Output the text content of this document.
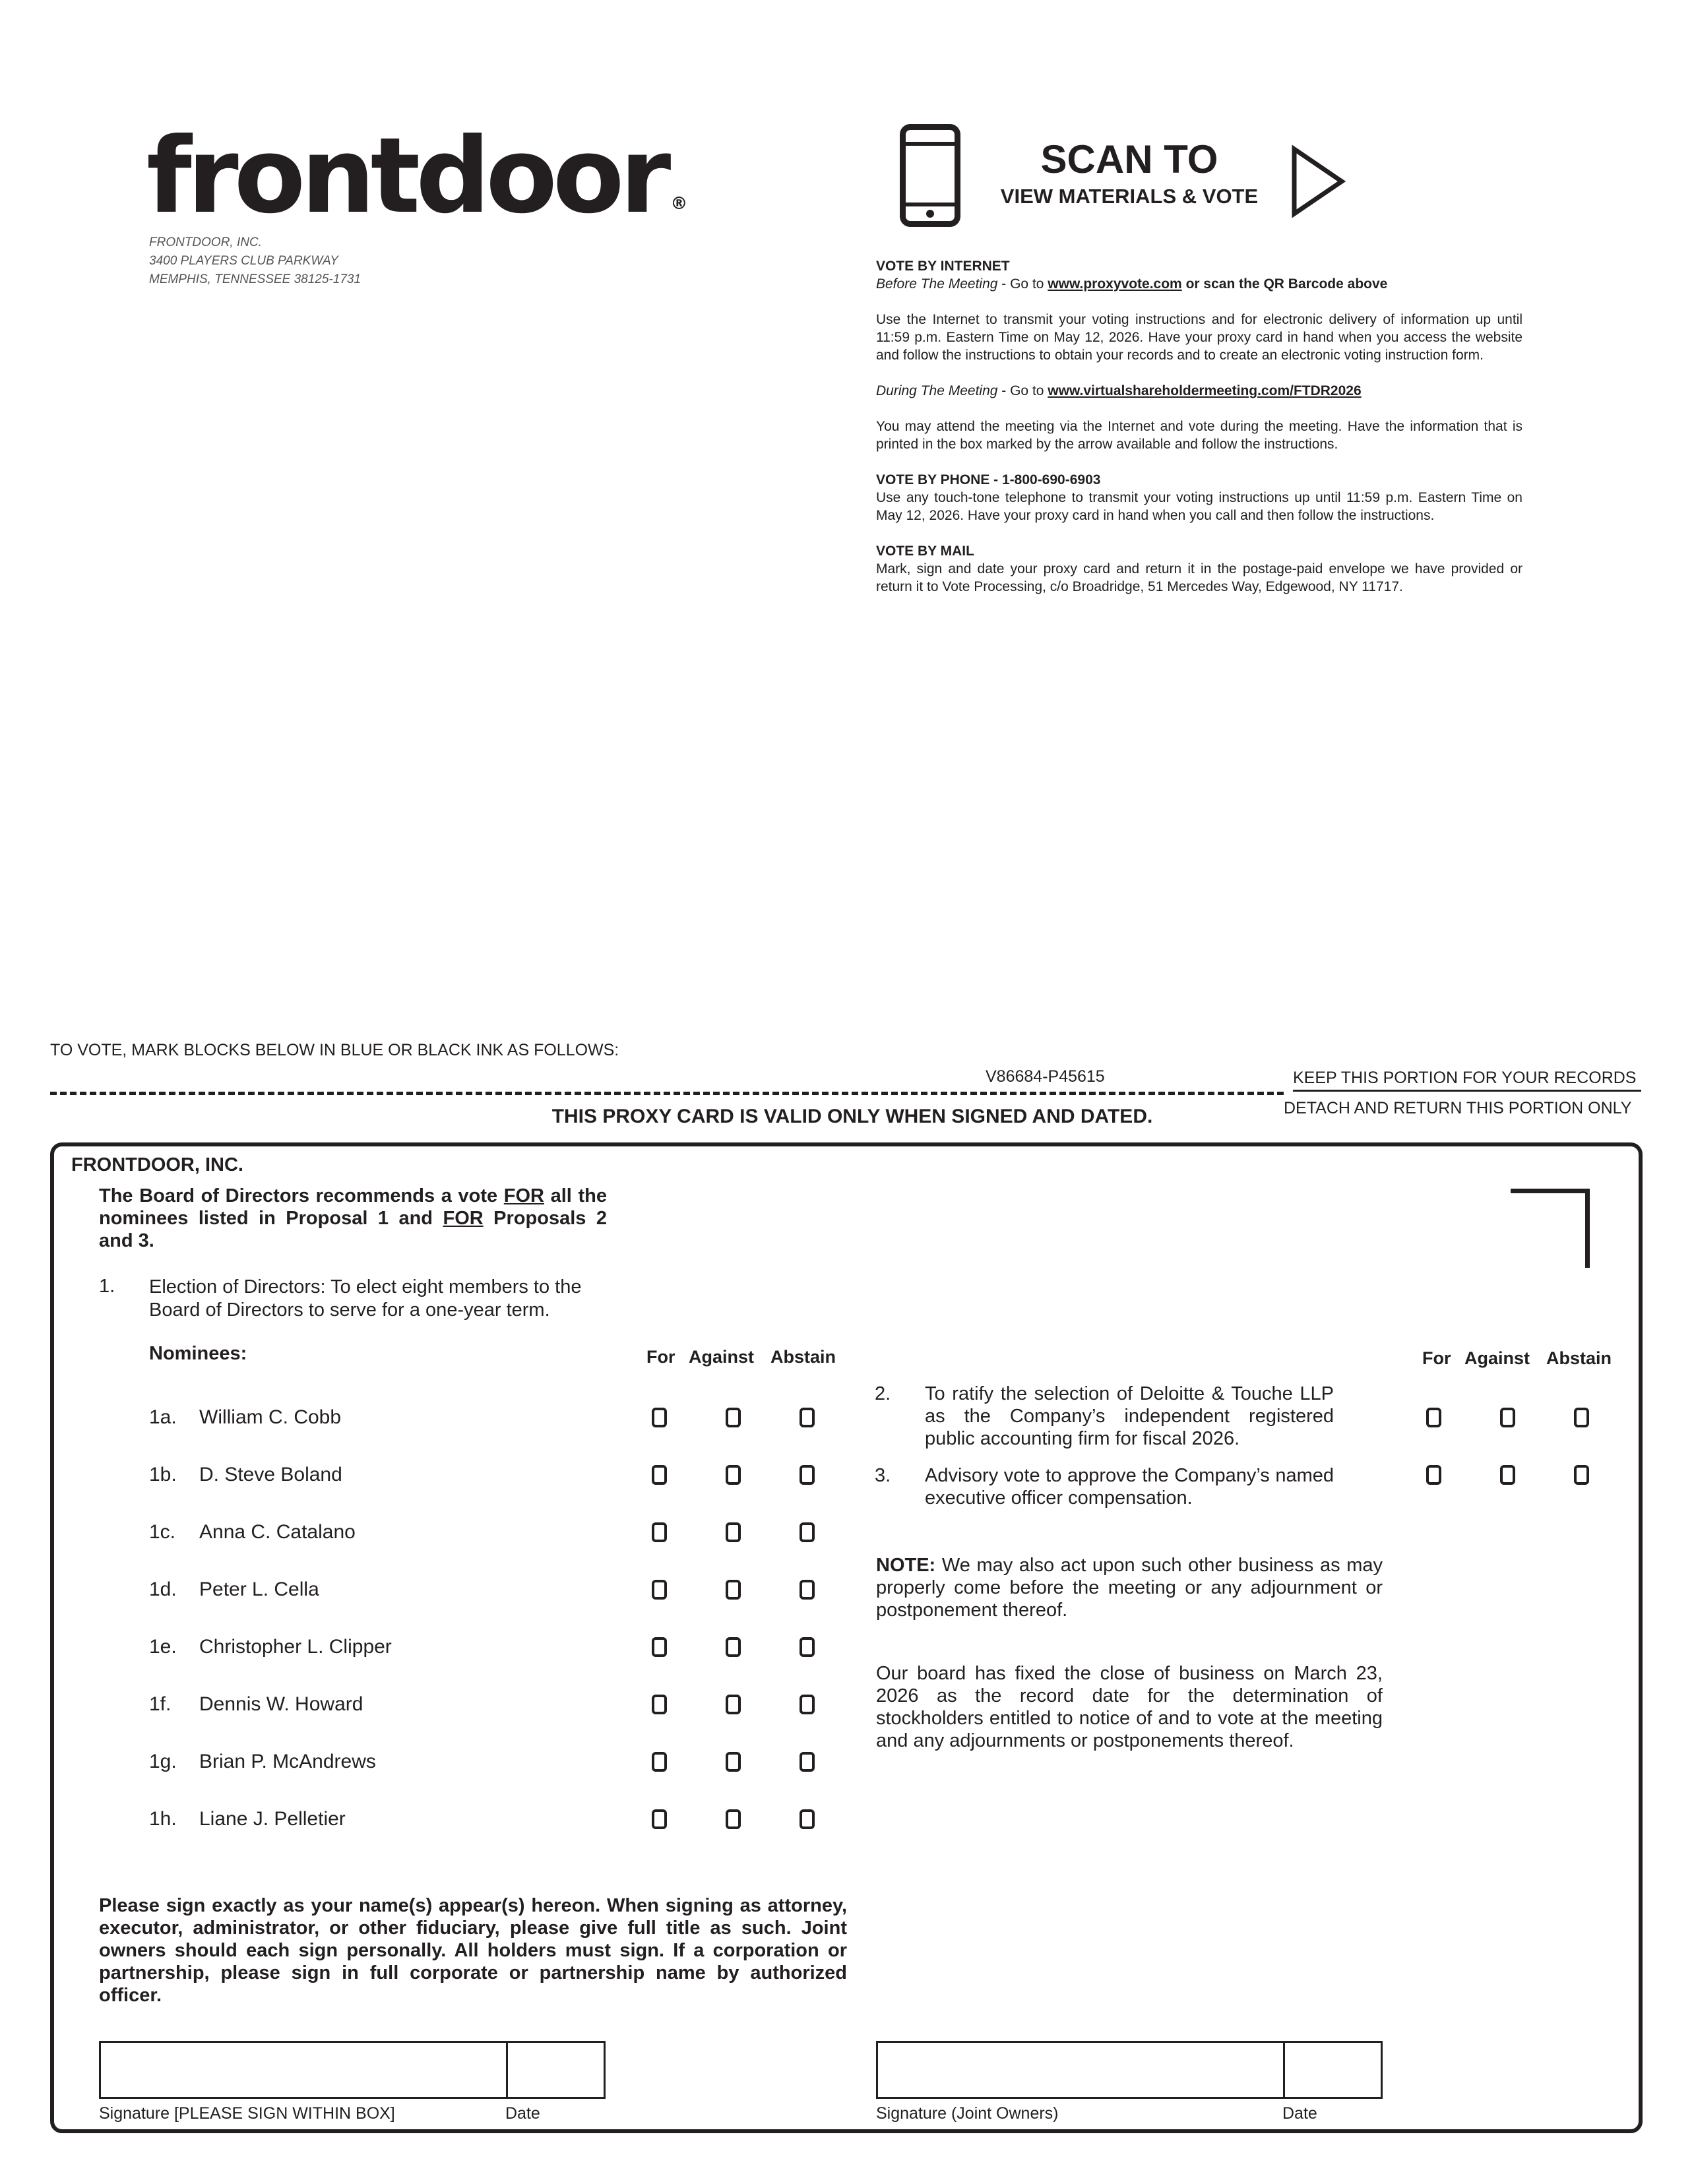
frontdoor ®
FRONTDOOR, INC.
3400 PLAYERS CLUB PARKWAY
MEMPHIS, TENNESSEE 38125-1731
SCAN TO
VIEW MATERIALS & VOTE
VOTE BY INTERNET

Before The Meeting - Go to www.proxyvote.com or scan the QR Barcode above

Use the Internet to transmit your voting instructions and for electronic delivery of information up until 11:59 p.m. Eastern Time on May 12, 2026. Have your proxy card in hand when you access the website and follow the instructions to obtain your records and to create an electronic voting instruction form.

During The Meeting - Go to www.virtualshareholdermeeting.com/FTDR2026

You may attend the meeting via the Internet and vote during the meeting. Have the information that is printed in the box marked by the arrow available and follow the instructions.

VOTE BY PHONE - 1-800-690-6903

Use any touch-tone telephone to transmit your voting instructions up until 11:59 p.m. Eastern Time on May 12, 2026. Have your proxy card in hand when you call and then follow the instructions.

VOTE BY MAIL

Mark, sign and date your proxy card and return it in the postage-paid envelope we have provided or return it to Vote Processing, c/o Broadridge, 51 Mercedes Way, Edgewood, NY 11717.

TO VOTE, MARK BLOCKS BELOW IN BLUE OR BLACK INK AS FOLLOWS:
V86684-P45615	KEEP THIS PORTION FOR YOUR RECORDS
DETACH AND RETURN THIS PORTION ONLY
THIS PROXY CARD IS VALID ONLY WHEN SIGNED AND DATED.
FRONTDOOR, INC.
The Board of Directors recommends a vote FOR all the nominees listed in Proposal 1 and FOR Proposals 2 and 3.
1. Election of Directors: To elect eight members to the Board of Directors to serve for a one-year term.
Nominees:	For Against Abstain	For Against Abstain
1a. William C. Cobb
1b. D. Steve Boland
1c. Anna C. Catalano
1d. Peter L. Cella
1e. Christopher L. Clipper
1f. Dennis W. Howard
1g. Brian P. McAndrews
1h. Liane J. Pelletier
2. To ratify the selection of Deloitte & Touche LLP as the Company’s independent registered public accounting firm for fiscal 2026.
3. Advisory vote to approve the Company’s named executive officer compensation.
NOTE: We may also act upon such other business as may properly come before the meeting or any adjournment or postponement thereof.
Our board has fixed the close of business on March 23, 2026 as the record date for the determination of stockholders entitled to notice of and to vote at the meeting and any adjournments or postponements thereof.
Please sign exactly as your name(s) appear(s) hereon. When signing as attorney, executor, administrator, or other fiduciary, please give full title as such. Joint owners should each sign personally. All holders must sign. If a corporation or partnership, please sign in full corporate or partnership name by authorized officer.
Signature [PLEASE SIGN WITHIN BOX]	Date	Signature (Joint Owners)	Date
